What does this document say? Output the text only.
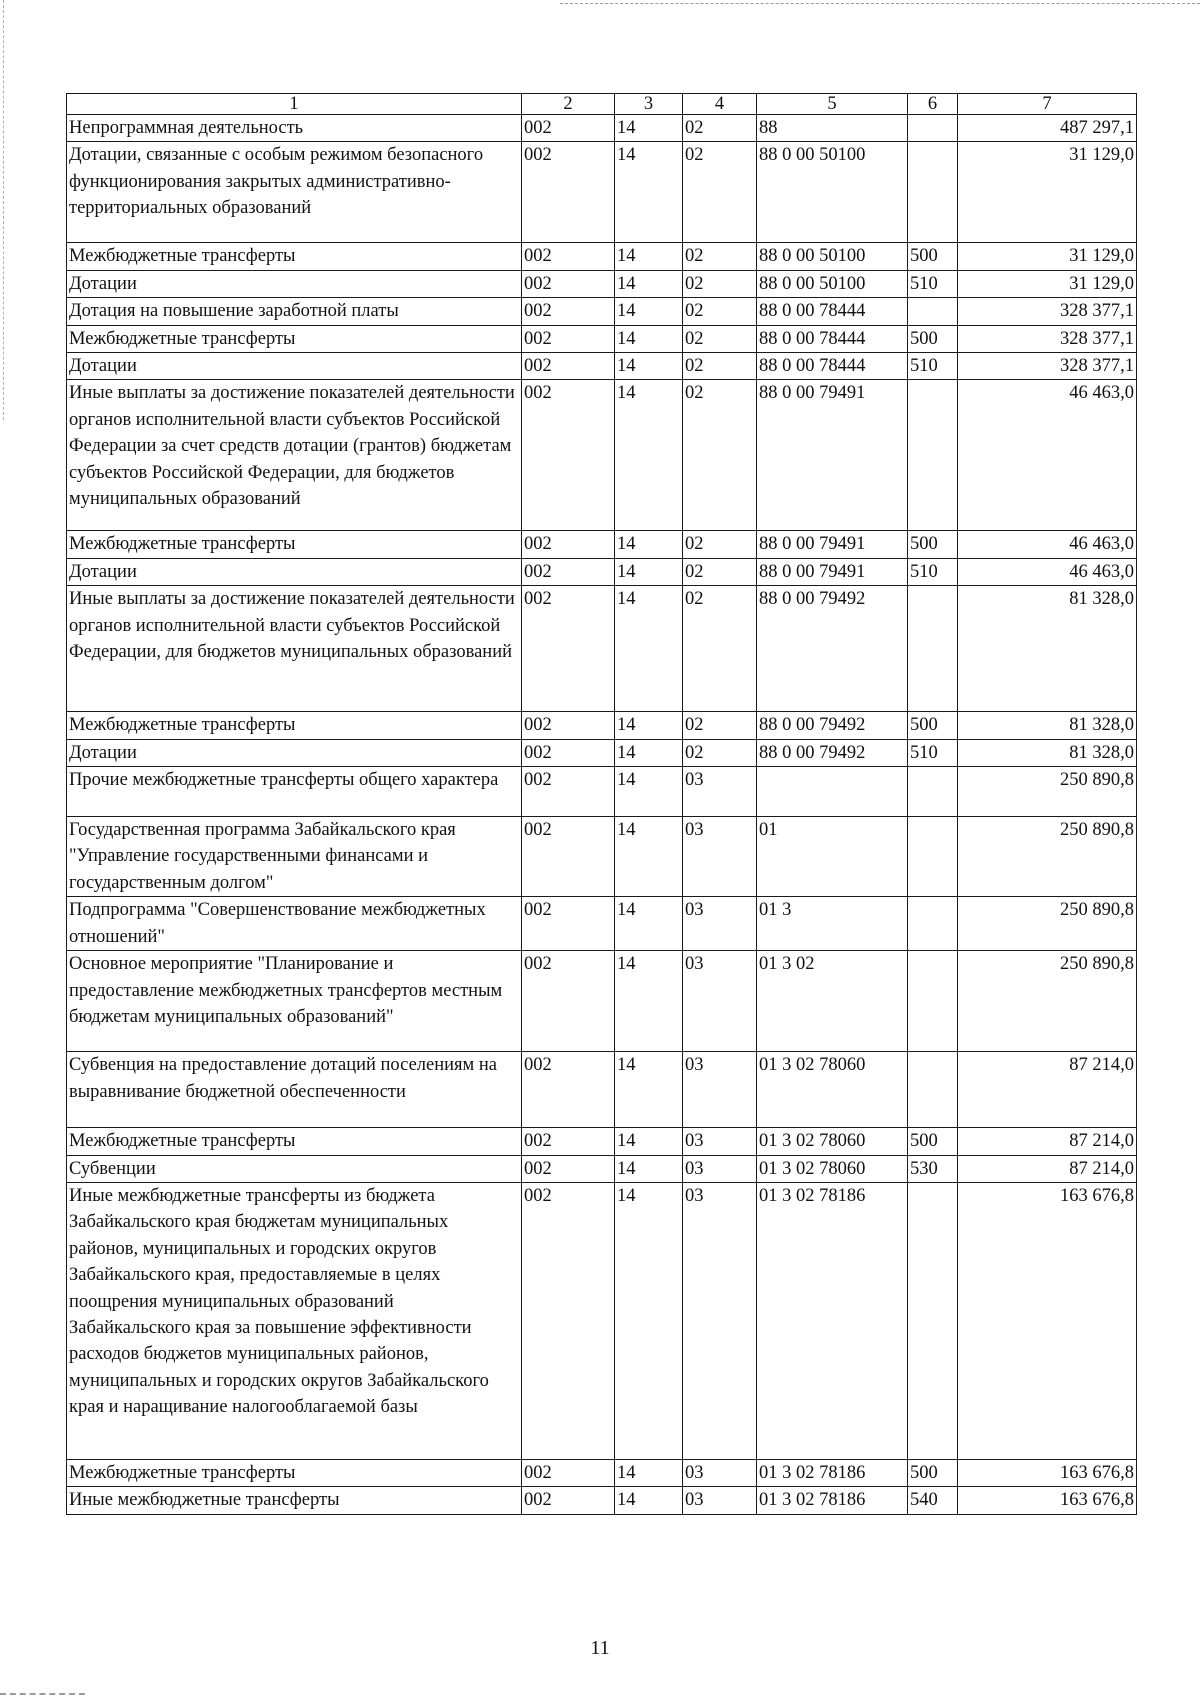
1	2	3	4	5	6	7
Непрограммная деятельность	002	14	02	88		487 297,1
Дотации, связанные с особым режимом безопасного функционирования закрытых административно-территориальных образований	002	14	02	88 0 00 50100		31 129,0
Межбюджетные трансферты	002	14	02	88 0 00 50100	500	31 129,0
Дотации	002	14	02	88 0 00 50100	510	31 129,0
Дотация на повышение заработной платы	002	14	02	88 0 00 78444		328 377,1
Межбюджетные трансферты	002	14	02	88 0 00 78444	500	328 377,1
Дотации	002	14	02	88 0 00 78444	510	328 377,1
Иные выплаты за достижение показателей деятельности органов исполнительной власти субъектов Российской Федерации за счет средств дотации (грантов) бюджетам субъектов Российской Федерации, для бюджетов муниципальных образований	002	14	02	88 0 00 79491		46 463,0
Межбюджетные трансферты	002	14	02	88 0 00 79491	500	46 463,0
Дотации	002	14	02	88 0 00 79491	510	46 463,0
Иные выплаты за достижение показателей деятельности органов исполнительной власти субъектов Российской Федерации, для бюджетов муниципальных образований	002	14	02	88 0 00 79492		81 328,0
Межбюджетные трансферты	002	14	02	88 0 00 79492	500	81 328,0
Дотации	002	14	02	88 0 00 79492	510	81 328,0
Прочие межбюджетные трансферты общего характера	002	14	03			250 890,8
Государственная программа Забайкальского края "Управление государственными финансами и государственным долгом"	002	14	03	01		250 890,8
Подпрограмма "Совершенствование межбюджетных отношений"	002	14	03	01 3		250 890,8
Основное мероприятие "Планирование и предоставление межбюджетных трансфертов местным бюджетам муниципальных образований"	002	14	03	01 3 02		250 890,8
Субвенция на предоставление дотаций поселениям на выравнивание бюджетной обеспеченности	002	14	03	01 3 02 78060		87 214,0
Межбюджетные трансферты	002	14	03	01 3 02 78060	500	87 214,0
Субвенции	002	14	03	01 3 02 78060	530	87 214,0
Иные межбюджетные трансферты из бюджета Забайкальского края бюджетам муниципальных районов, муниципальных и городских округов Забайкальского края, предоставляемые в целях поощрения муниципальных образований Забайкальского края за повышение эффективности расходов бюджетов муниципальных районов, муниципальных и городских округов Забайкальского края и наращивание налогооблагаемой базы	002	14	03	01 3 02 78186		163 676,8
Межбюджетные трансферты	002	14	03	01 3 02 78186	500	163 676,8
Иные межбюджетные трансферты	002	14	03	01 3 02 78186	540	163 676,8
11
